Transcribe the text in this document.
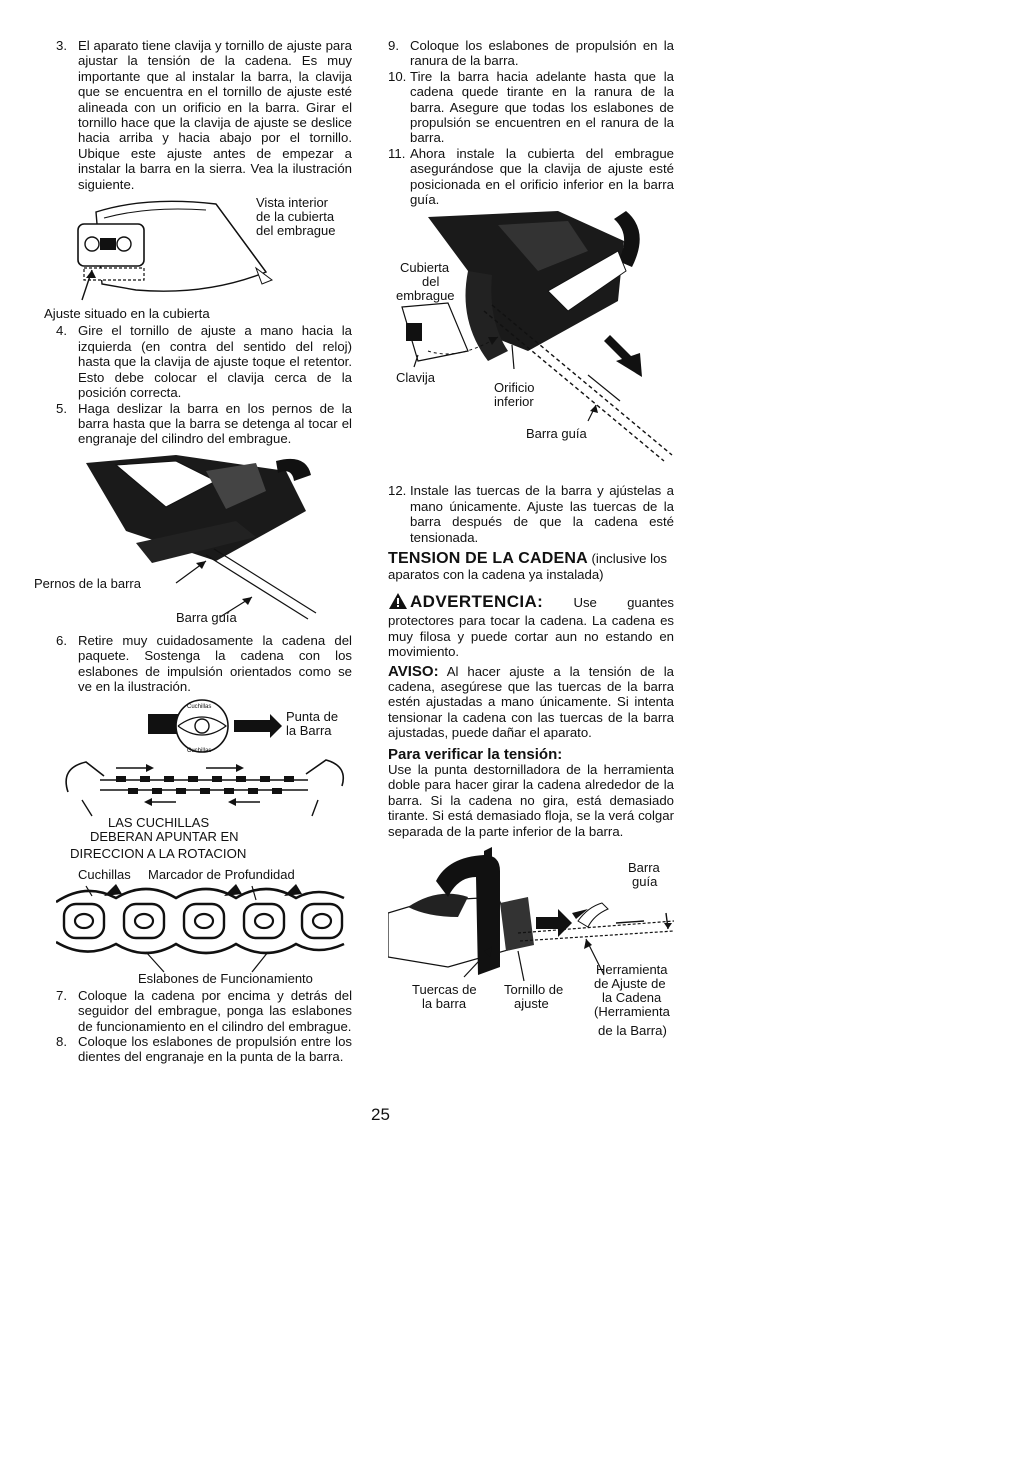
3. El aparato tiene clavija y tornillo de ajuste para ajustar la tensión de la cadena. Es muy importante que al instalar la barra, la clavija que se encuentra en el tornillo de ajuste esté alineada con un orificio en la barra. Girar el tornillo hace que la clavija de ajuste se deslice hacia arriba y hacia abajo por el tornillo. Ubique este ajuste antes de empezar a instalar la barra en la sierra. Vea la ilustración siguiente.
Vista interior
de la cubierta
del embrague
Ajuste situado en la cubierta
4. Gire el tornillo de ajuste a mano hacia la izquierda (en contra del sentido del reloj) hasta que la clavija de ajuste toque el retentor. Esto debe colocar el clavija cerca de la posición correcta.
5. Haga deslizar la barra en los pernos de la barra hasta que la barra se detenga al tocar el engranaje del cilindro del embrague.
Pernos de la barra
Barra guía
6. Retire muy cuidadosamente la cadena del paquete. Sostenga la cadena con los eslabones de impulsión orientados como se ve en la ilustración.
Cuchillas
Cuchillas
Punta de
la Barra
LAS CUCHILLAS
DEBERAN APUNTAR EN
DIRECCION A LA ROTACION
Cuchillas Marcador de Profundidad
Eslabones de Funcionamiento
7. Coloque la cadena por encima y detrás del seguidor del embrague, ponga las eslabones de funcionamiento en el cilindro del embrague.
8. Coloque los eslabones de propulsión entre los dientes del engranaje en la punta de la barra.
9. Coloque los eslabones de propulsión en la ranura de la barra.
10. Tire la barra hacia adelante hasta que la cadena quede tirante en la ranura de la barra. Asegure que todas los eslabones de propulsión se encuentren en el ranura de la barra.
11. Ahora instale la cubierta del embrague asegurándose que la clavija de ajuste esté posicionada en el orificio inferior en la barra guía.
Cubierta
del
embrague
Clavija
Orificio
inferior
Barra guía
12. Instale las tuercas de la barra y ajústelas a mano únicamente. Ajuste las tuercas de la barra después de que la cadena esté tensionada.
TENSION DE LA CADENA (inclusive los aparatos con la cadena ya instalada)

ADVERTENCIA: Use guantes protectores para tocar la cadena. La cadena es muy filosa y puede cortar aun no estando en movimiento.

AVISO: Al hacer ajuste a la tensión de la cadena, asegúrese que las tuercas de la barra estén ajustadas a mano únicamente. Si intenta tensionar la cadena con las tuercas de la barra ajustadas, puede dañar el aparato.

Para verificar la tensión:

Use la punta destornilladora de la herramienta doble para hacer girar la cadena alrededor de la barra. Si la cadena no gira, está demasiado tirante. Si está demasiado floja, se la verá colgar separada de la parte inferior de la barra.

Barra
guía
Tuercas de
la barra
Tornillo de
ajuste
Herramienta
de Ajuste de
la Cadena
(Herramienta
de la Barra)
25
